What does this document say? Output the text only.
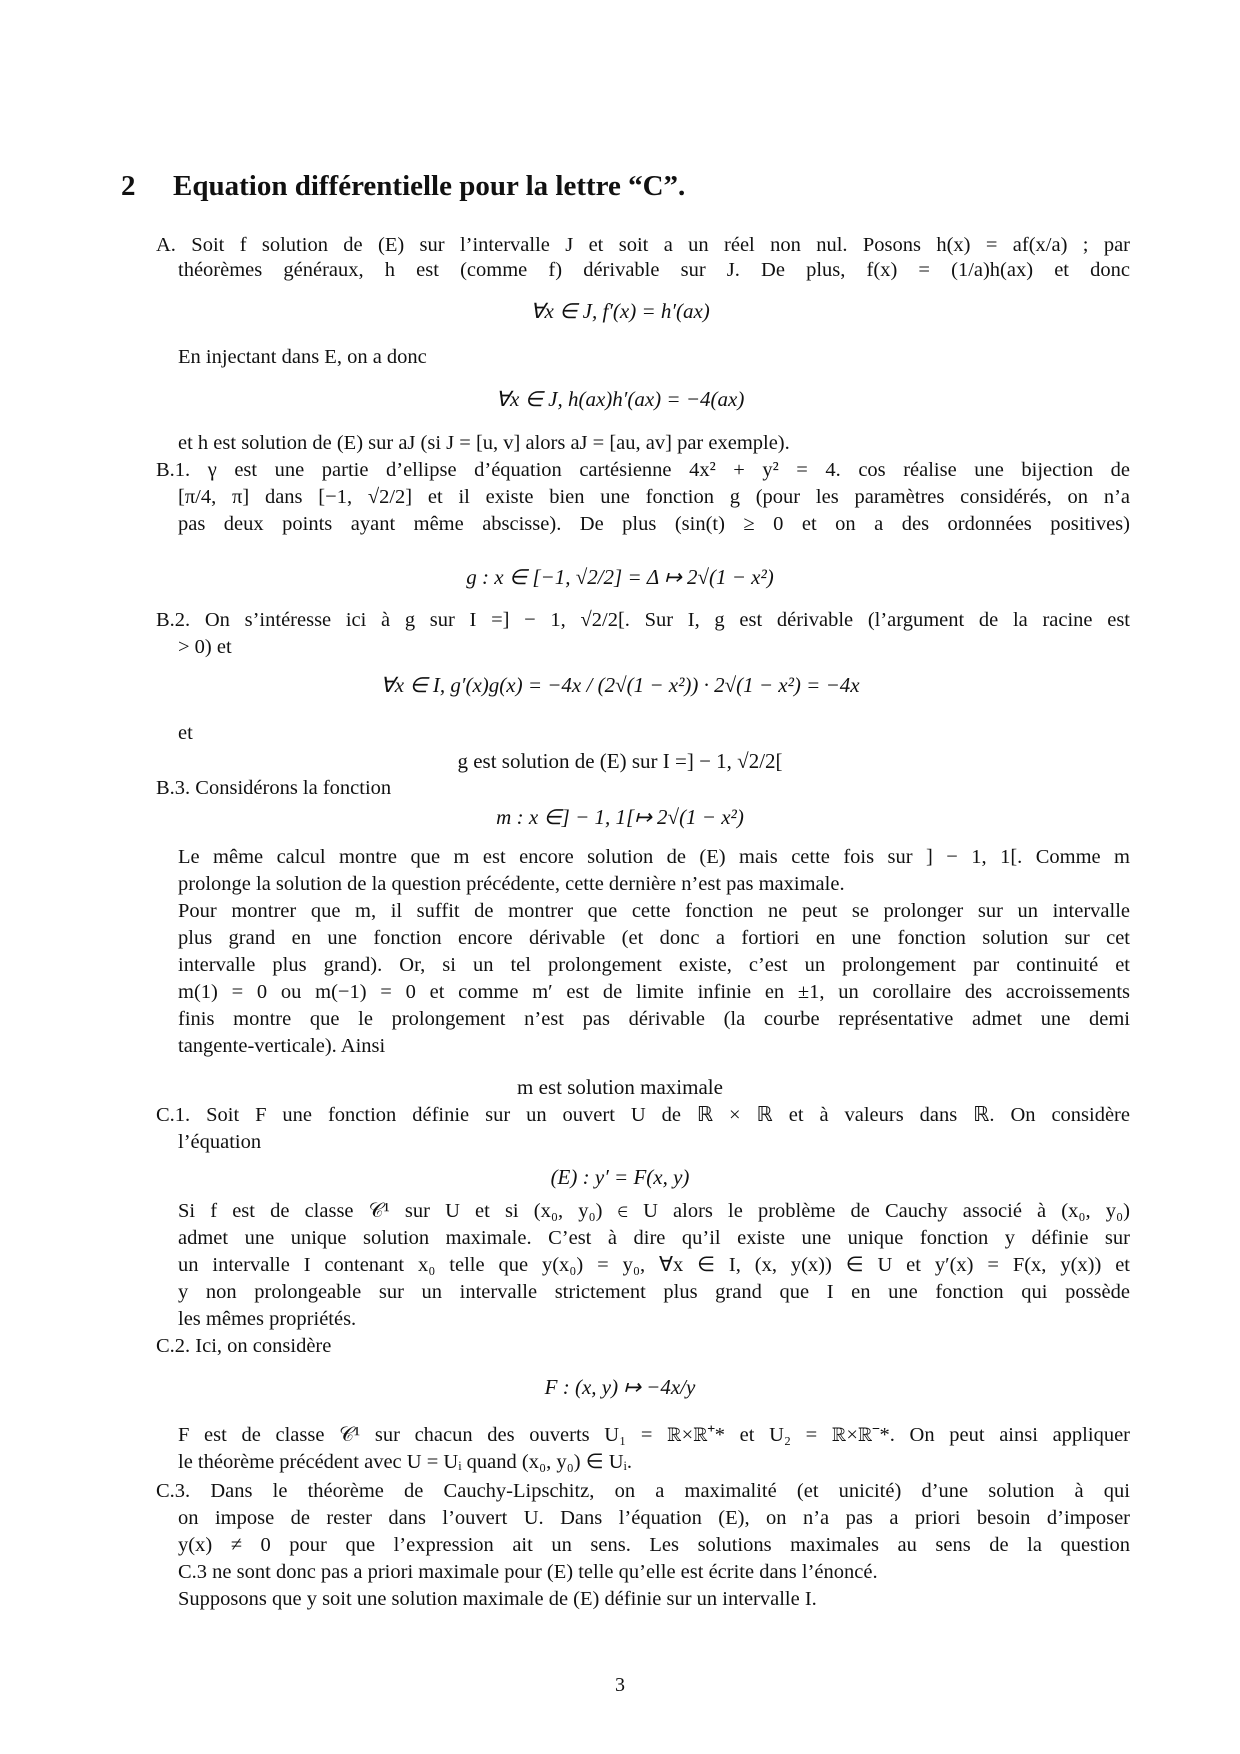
2 Equation différentielle pour la lettre “C”.
A. Soit f solution de (E) sur l’intervalle J et soit a un réel non nul. Posons h(x) = af(x/a) ; par
théorèmes généraux, h est (comme f) dérivable sur J. De plus, f(x) = (1/a)h(ax) et donc
∀x ∈ J, f′(x) = h′(ax)
En injectant dans E, on a donc
∀x ∈ J, h(ax)h′(ax) = −4(ax)
et h est solution de (E) sur aJ (si J = [u, v] alors aJ = [au, av] par exemple).
B.1. γ est une partie d’ellipse d’équation cartésienne 4x² + y² = 4. cos réalise une bijection de
[π/4, π] dans [−1, √2/2] et il existe bien une fonction g (pour les paramètres considérés, on n’a
pas deux points ayant même abscisse). De plus (sin(t) ≥ 0 et on a des ordonnées positives)
g : x ∈ [−1, √2/2] = Δ ↦ 2√(1 − x²)
B.2. On s’intéresse ici à g sur I =] − 1, √2/2[. Sur I, g est dérivable (l’argument de la racine est
> 0) et
∀x ∈ I, g′(x)g(x) = −4x / (2√(1 − x²)) · 2√(1 − x²) = −4x
et
g est solution de (E) sur I =] − 1, √2/2[
B.3. Considérons la fonction
m : x ∈] − 1, 1[↦ 2√(1 − x²)
Le même calcul montre que m est encore solution de (E) mais cette fois sur ] − 1, 1[. Comme m
prolonge la solution de la question précédente, cette dernière n’est pas maximale.
Pour montrer que m, il suffit de montrer que cette fonction ne peut se prolonger sur un intervalle
plus grand en une fonction encore dérivable (et donc a fortiori en une fonction solution sur cet
intervalle plus grand). Or, si un tel prolongement existe, c’est un prolongement par continuité et
m(1) = 0 ou m(−1) = 0 et comme m′ est de limite infinie en ±1, un corollaire des accroissements
finis montre que le prolongement n’est pas dérivable (la courbe représentative admet une demi
tangente-verticale). Ainsi
m est solution maximale
C.1. Soit F une fonction définie sur un ouvert U de ℝ × ℝ et à valeurs dans ℝ. On considère
l’équation
(E) : y′ = F(x, y)
Si f est de classe 𝒞¹ sur U et si (x₀, y₀) ∈ U alors le problème de Cauchy associé à (x₀, y₀)
admet une unique solution maximale. C’est à dire qu’il existe une unique fonction y définie sur
un intervalle I contenant x₀ telle que y(x₀) = y₀, ∀x ∈ I, (x, y(x)) ∈ U et y′(x) = F(x, y(x)) et
y non prolongeable sur un intervalle strictement plus grand que I en une fonction qui possède
les mêmes propriétés.
C.2. Ici, on considère
F : (x, y) ↦ −4x/y
F est de classe 𝒞¹ sur chacun des ouverts U₁ = ℝ×ℝ⁺* et U₂ = ℝ×ℝ⁻*. On peut ainsi appliquer
le théorème précédent avec U = Uᵢ quand (x₀, y₀) ∈ Uᵢ.
C.3. Dans le théorème de Cauchy-Lipschitz, on a maximalité (et unicité) d’une solution à qui
on impose de rester dans l’ouvert U. Dans l’équation (E), on n’a pas a priori besoin d’imposer
y(x) ≠ 0 pour que l’expression ait un sens. Les solutions maximales au sens de la question
C.3 ne sont donc pas a priori maximale pour (E) telle qu’elle est écrite dans l’énoncé.
Supposons que y soit une solution maximale de (E) définie sur un intervalle I.
3
